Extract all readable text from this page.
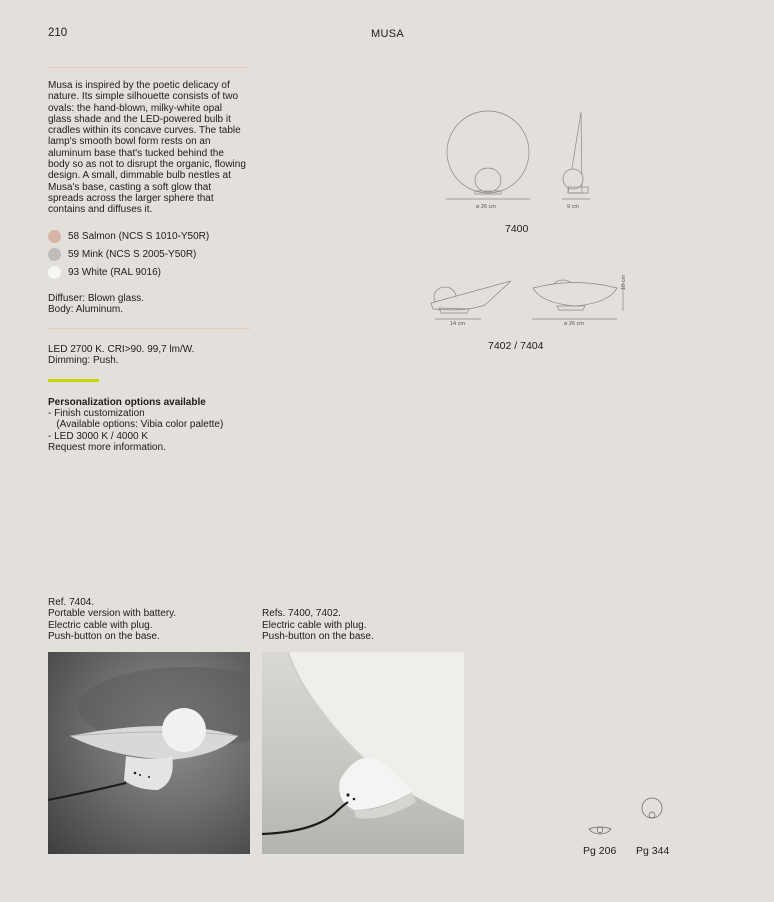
210	MUSA
Musa is inspired by the poetic delicacy of nature. Its simple silhouette consists of two ovals: the hand-blown, milky-white opal glass shade and the LED-powered bulb it cradles within its concave curves. The table lamp's smooth bowl form rests on an aluminum base that's tucked behind the body so as not to disrupt the organic, flowing design. A small, dimmable bulb nestles at Musa's base, casting a soft glow that spreads across the larger sphere that contains and diffuses it.
58 Salmon (NCS S 1010-Y50R)
59 Mink (NCS S 2005-Y50R)
93 White (RAL 9016)
Diffuser: Blown glass.
Body: Aluminum.
LED 2700 K. CRI>90. 99,7 lm/W.
Dimming: Push.
Personalization options available
- Finish customization
(Available options: Vibia color palette)
- LED 3000 K / 4000 K
Request more information.
ø 26 cm	9 cm
7400
14 cm	ø 26 cm
10 cm
7402 / 7404
Ref. 7404.
Portable version with battery.
Electric cable with plug.
Push-button on the base.
Refs. 7400, 7402.
Electric cable with plug.
Push-button on the base.
Pg 206 Pg 344
